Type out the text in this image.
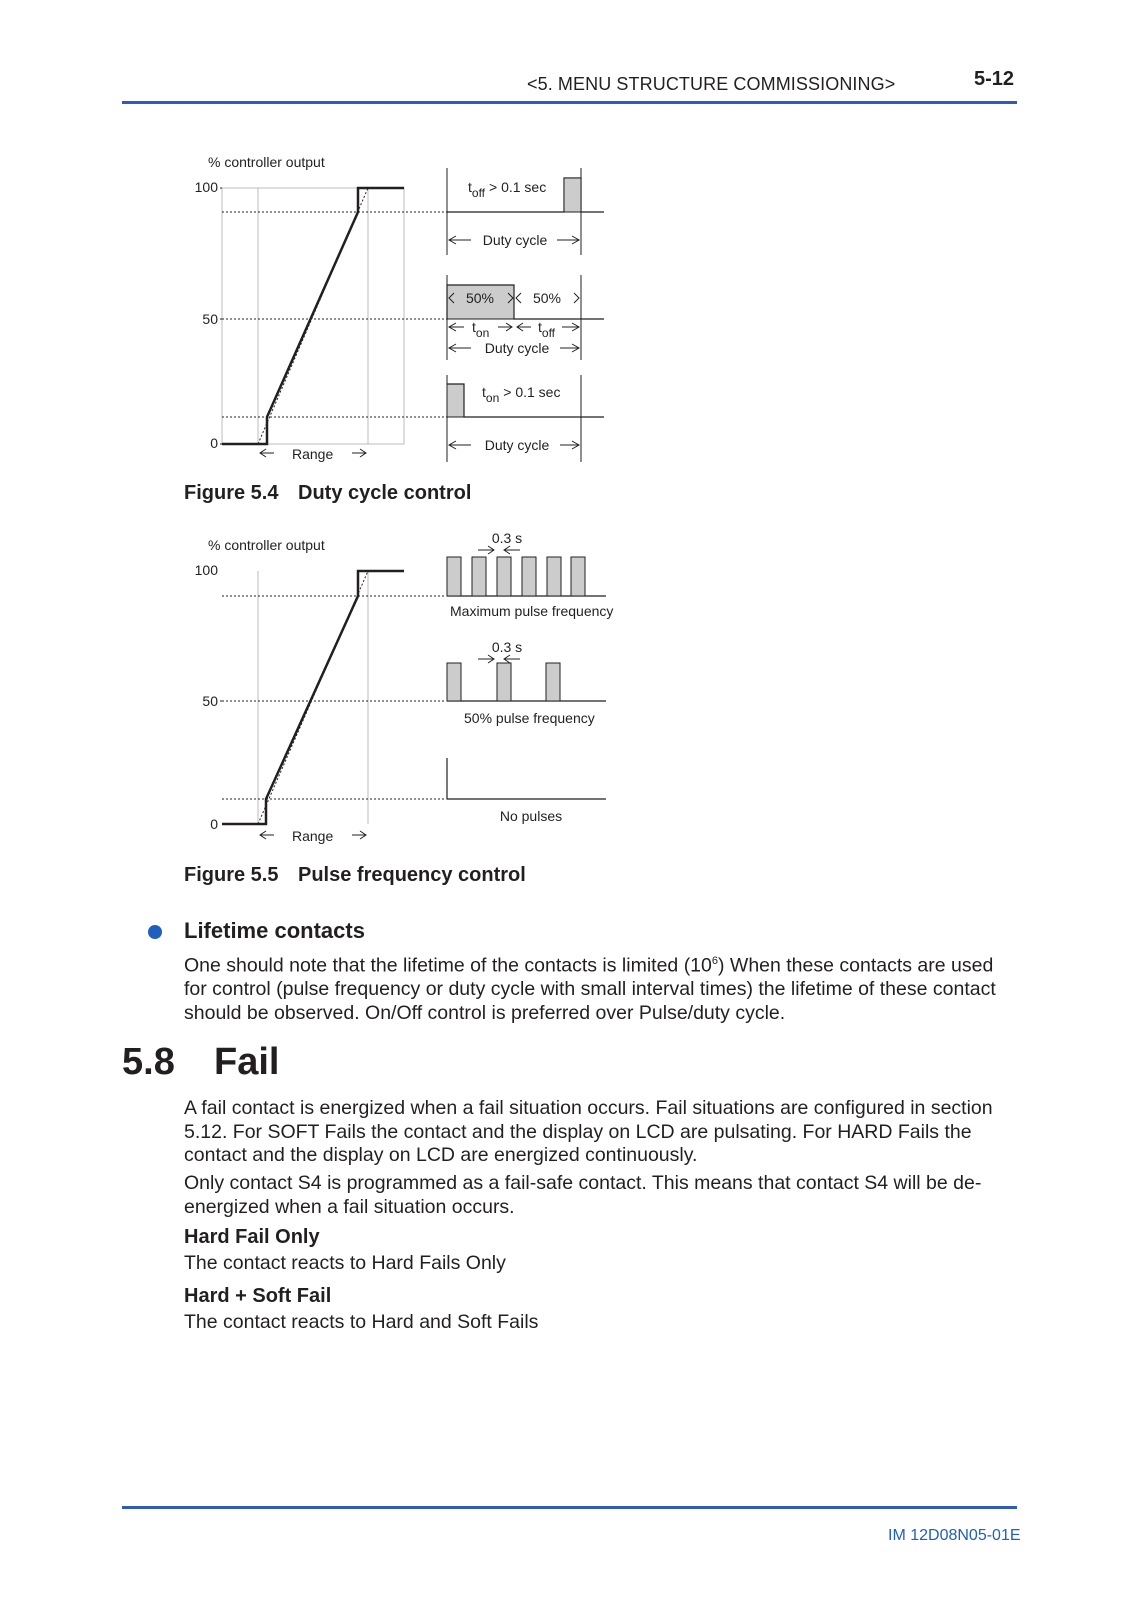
<5. MENU STRUCTURE COMMISSIONING>	5-12
% controller output
100
50
0
Range
toff > 0.1 sec
Duty cycle
50%	50%
ton	toff
Duty cycle
ton > 0.1 sec
Duty cycle
Figure 5.4 Duty cycle control
% controller output
100
50
0
Range
0.3 s
Maximum pulse frequency
0.3 s
50% pulse frequency
No pulses
Figure 5.5 Pulse frequency control
Lifetime contacts
One should note that the lifetime of the contacts is limited $(10^6)$ When these contacts are used for control (pulse frequency or duty cycle with small interval times) the lifetime of these contact should be observed. On/Off control is preferred over Pulse/duty cycle.
5.8 Fail
A fail contact is energized when a fail situation occurs. Fail situations are configured in section 5.12. For SOFT Fails the contact and the display on LCD are pulsating. For HARD Fails the contact and the display on LCD are energized continuously.
Only contact S4 is programmed as a fail-safe contact. This means that contact S4 will be de-energized when a fail situation occurs.
Hard Fail Only
The contact reacts to Hard Fails Only
Hard + Soft Fail
The contact reacts to Hard and Soft Fails
IM 12D08N05-01E
